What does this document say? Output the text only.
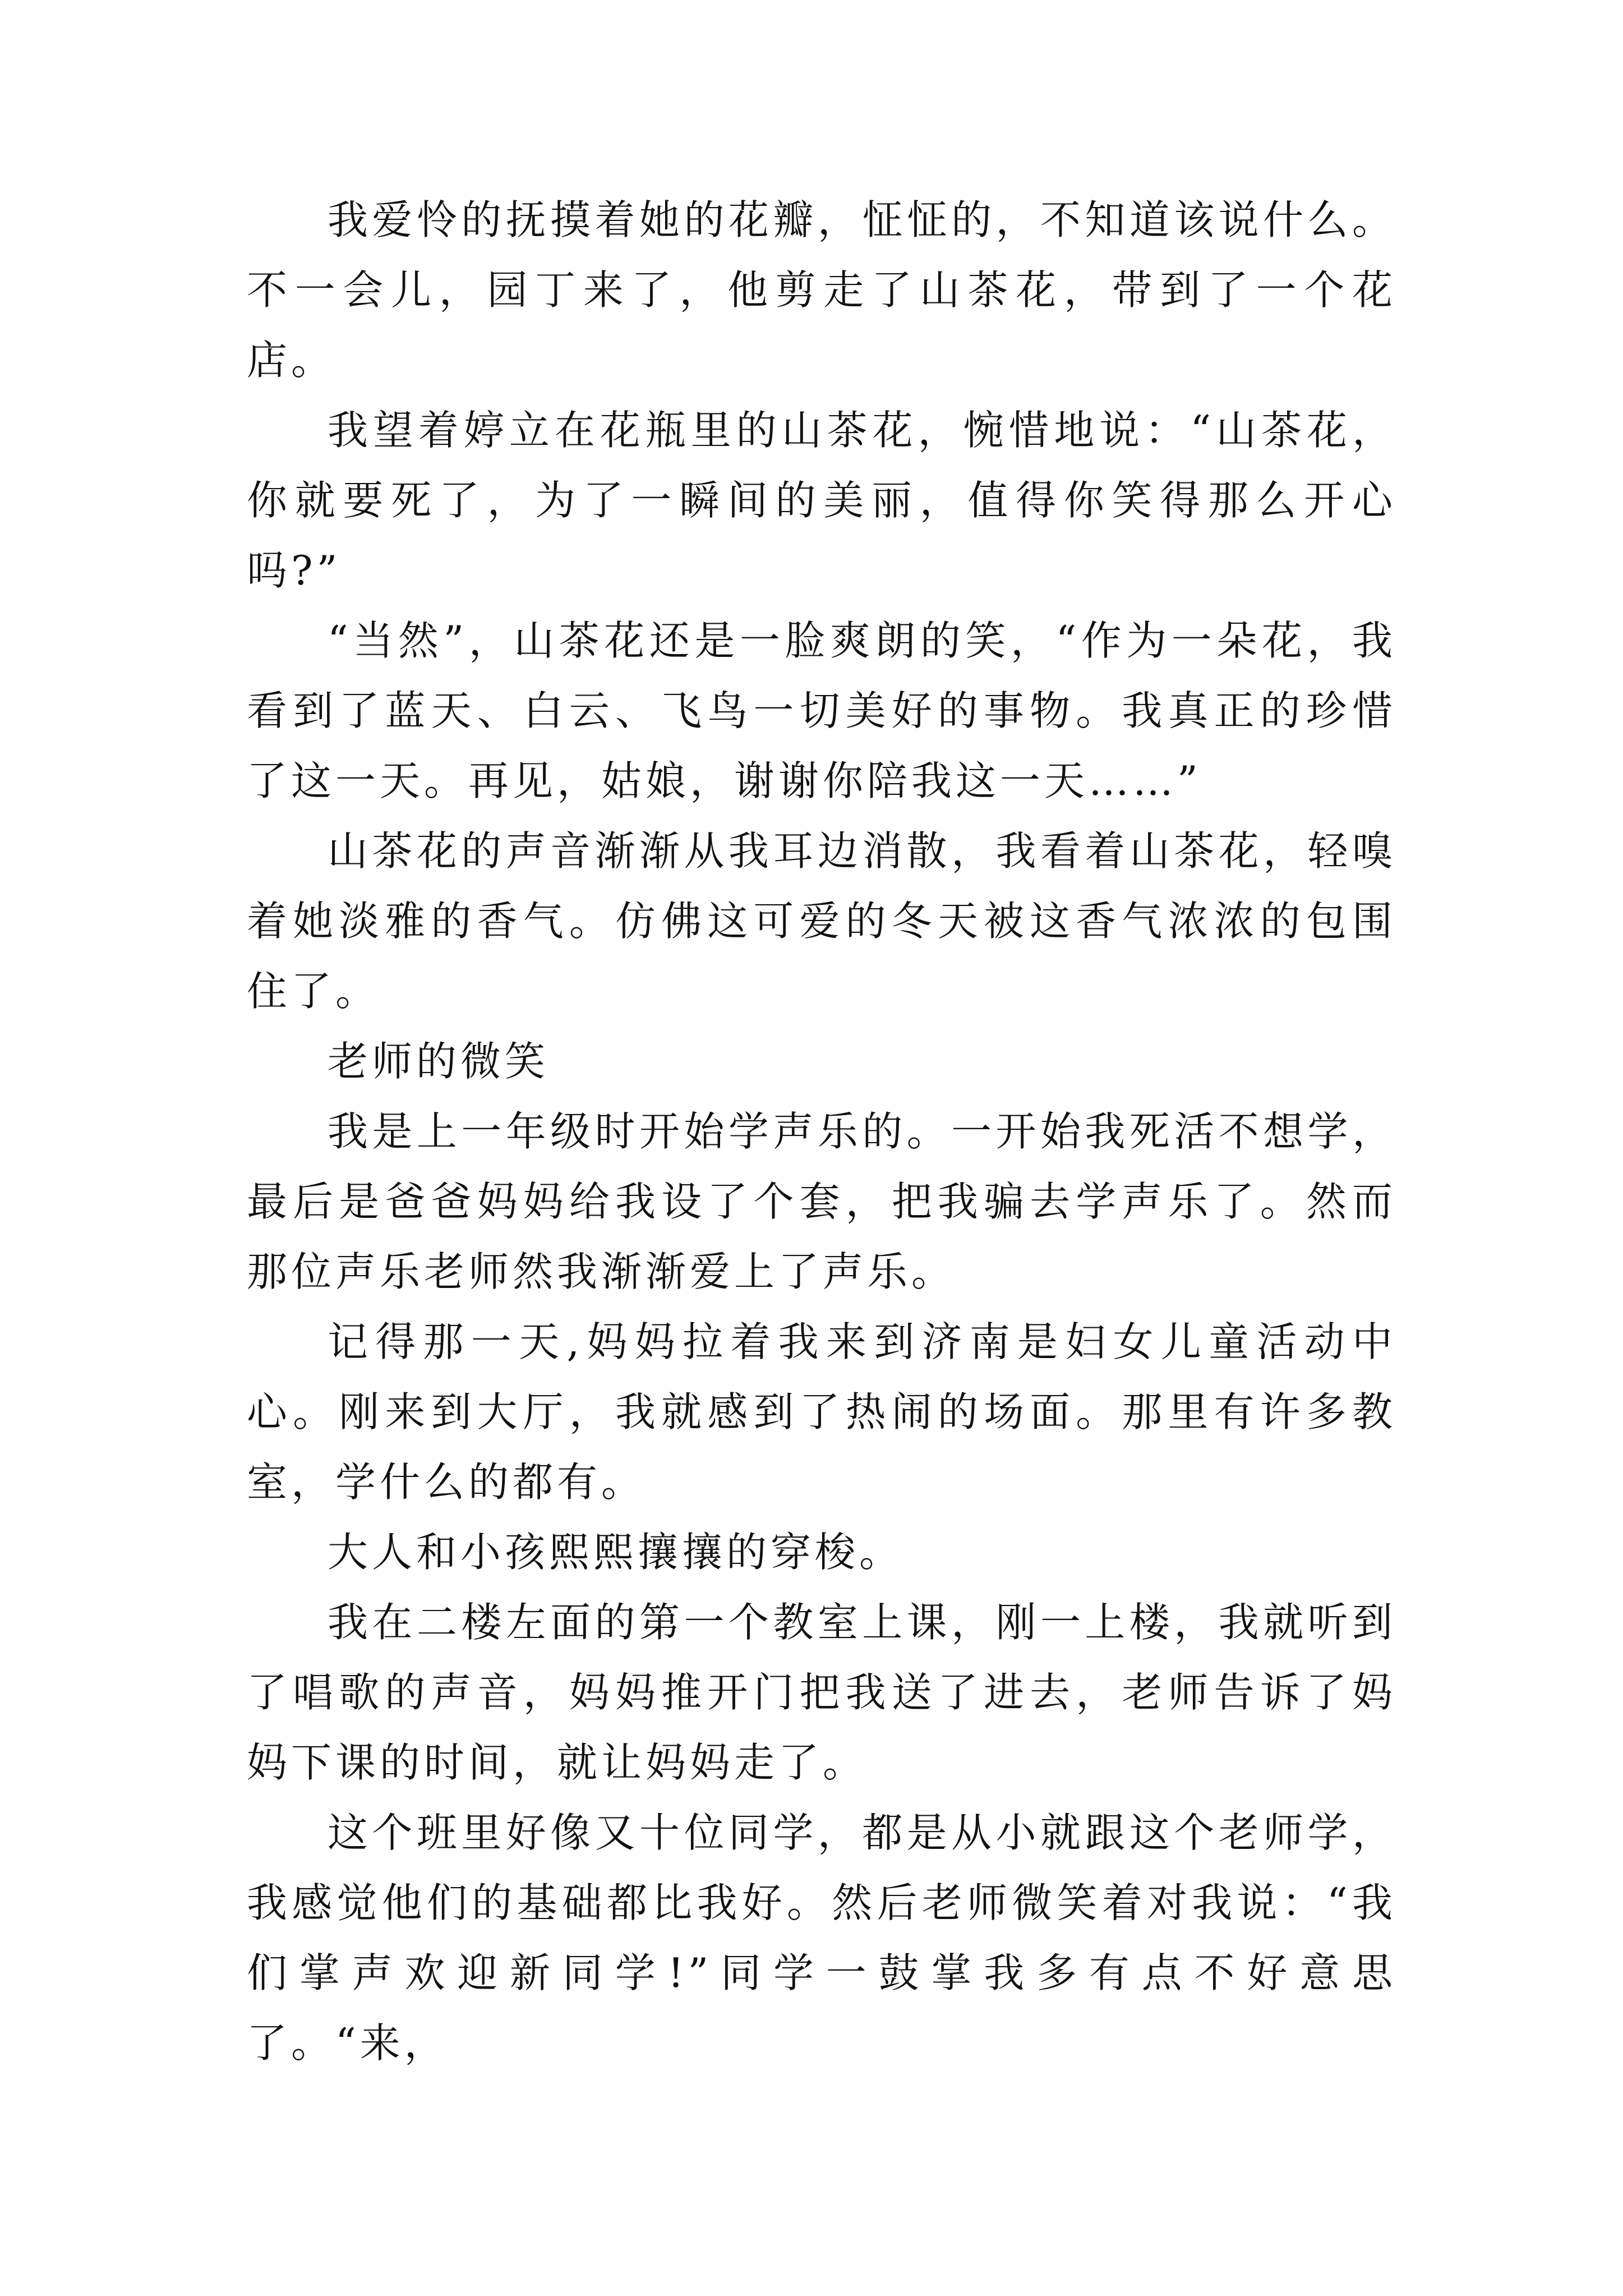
我爱怜的抚摸着她的花瓣，怔怔的，不知道该说什么。不一会儿，园丁来了，他剪走了山茶花，带到了一个花店。

我望着婷立在花瓶里的山茶花，惋惜地说：“山茶花，你就要死了，为了一瞬间的美丽，值得你笑得那么开心吗?”

“当然”，山茶花还是一脸爽朗的笑，“作为一朵花，我看到了蓝天、白云、飞鸟一切美好的事物。我真正的珍惜了这一天。再见，姑娘，谢谢你陪我这一天……”

山茶花的声音渐渐从我耳边消散，我看着山茶花，轻嗅着她淡雅的香气。仿佛这可爱的冬天被这香气浓浓的包围住了。

老师的微笑

我是上一年级时开始学声乐的。一开始我死活不想学，最后是爸爸妈妈给我设了个套，把我骗去学声乐了。然而那位声乐老师然我渐渐爱上了声乐。

记得那一天,妈妈拉着我来到济南是妇女儿童活动中心。刚来到大厅，我就感到了热闹的场面。那里有许多教室，学什么的都有。

大人和小孩熙熙攘攘的穿梭。

我在二楼左面的第一个教室上课，刚一上楼，我就听到了唱歌的声音，妈妈推开门把我送了进去，老师告诉了妈妈下课的时间，就让妈妈走了。

这个班里好像又十位同学，都是从小就跟这个老师学，我感觉他们的基础都比我好。然后老师微笑着对我说：“我们掌声欢迎新同学!”同学一鼓掌我多有点不好意思了。“来，
